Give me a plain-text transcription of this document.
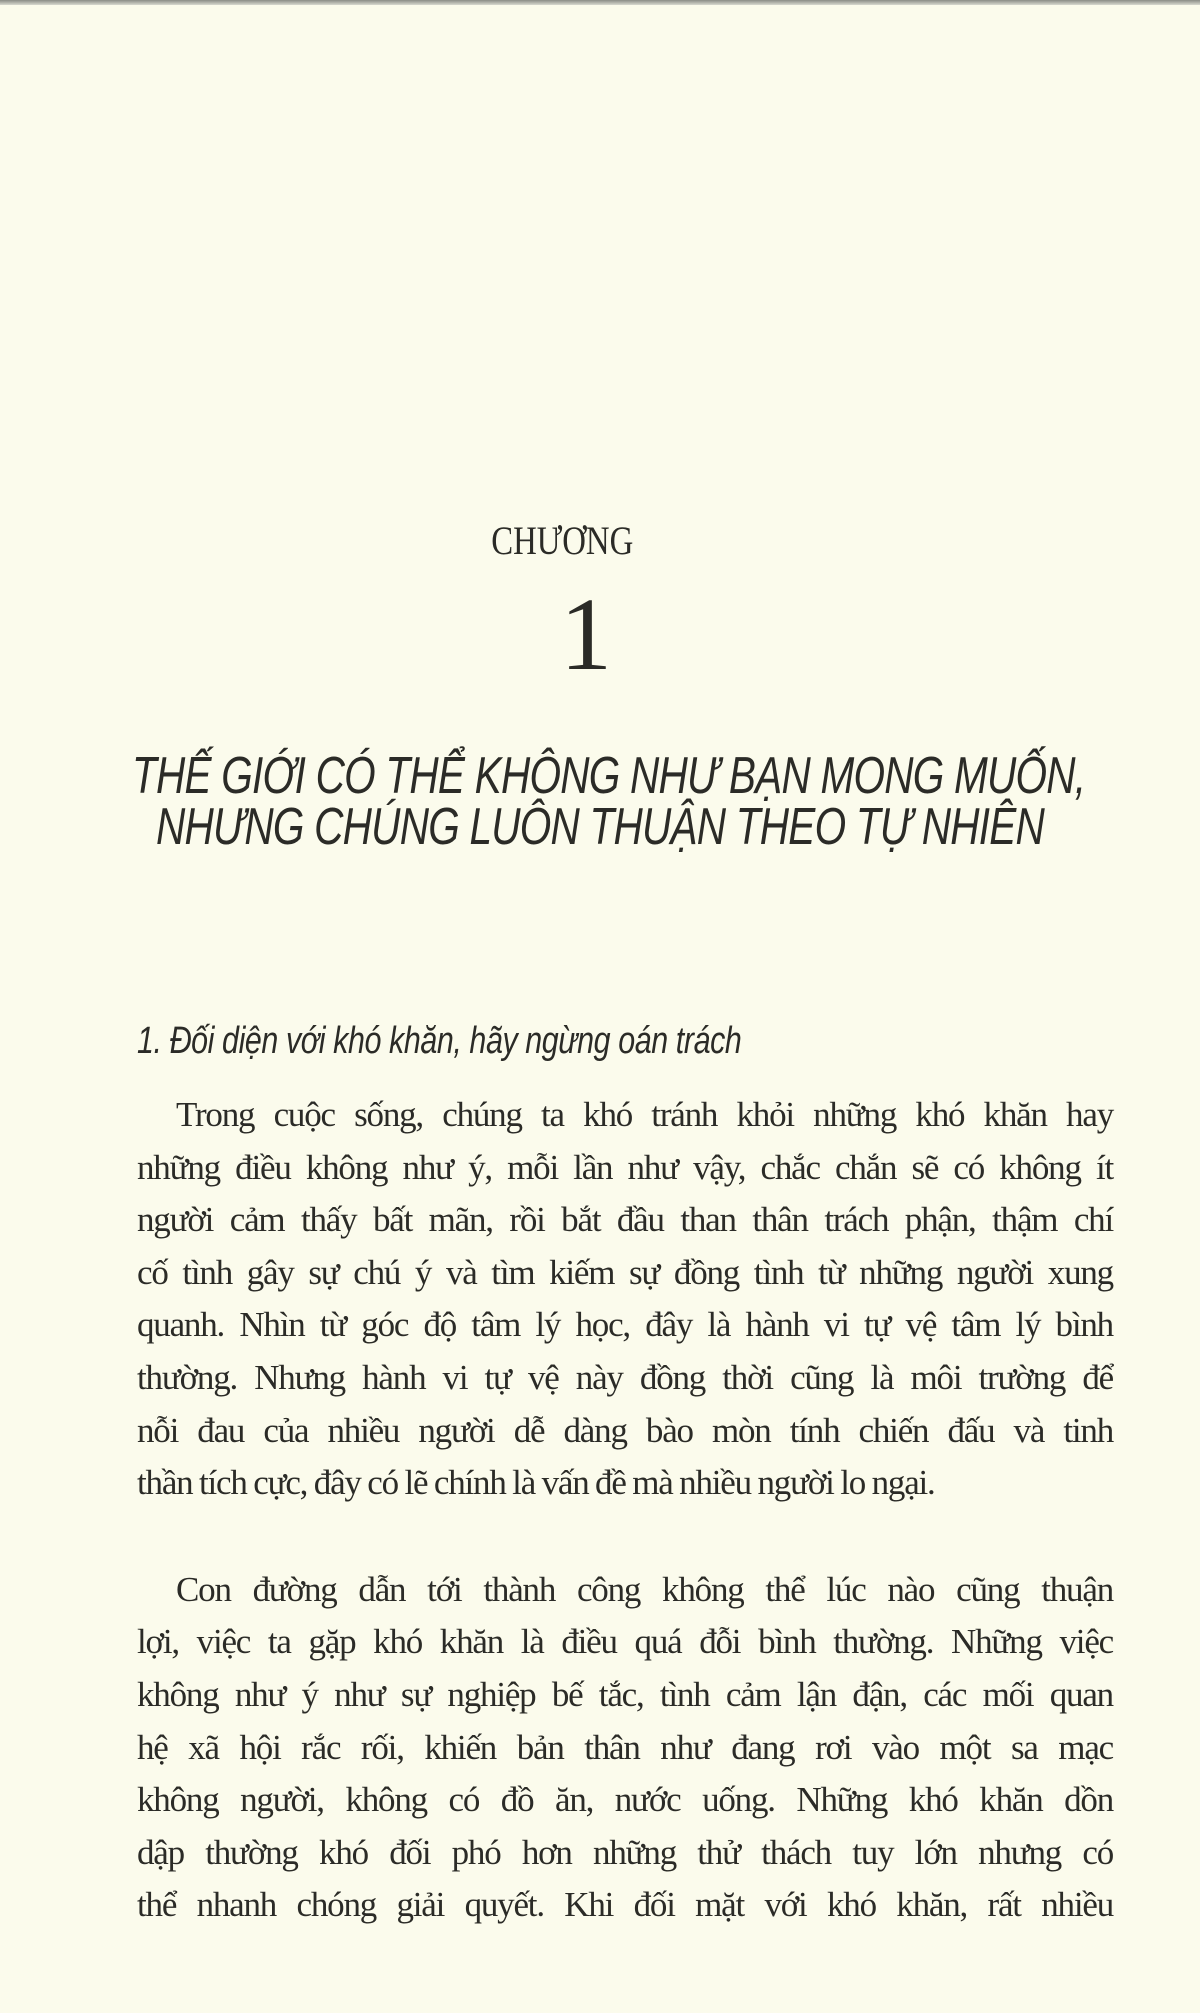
CHƯƠNG
1
THẾ GIỚI CÓ THỂ KHÔNG NHƯ BẠN MONG MUỐN,
NHƯNG CHÚNG LUÔN THUẬN THEO TỰ NHIÊN
1. Đối diện với khó khăn, hãy ngừng oán trách
Trong cuộc sống, chúng ta khó tránh khỏi những khó khăn hay
những điều không như ý, mỗi lần như vậy, chắc chắn sẽ có không ít
người cảm thấy bất mãn, rồi bắt đầu than thân trách phận, thậm chí
cố tình gây sự chú ý và tìm kiếm sự đồng tình từ những người xung
quanh. Nhìn từ góc độ tâm lý học, đây là hành vi tự vệ tâm lý bình
thường. Nhưng hành vi tự vệ này đồng thời cũng là môi trường để
nỗi đau của nhiều người dễ dàng bào mòn tính chiến đấu và tinh
thần tích cực, đây có lẽ chính là vấn đề mà nhiều người lo ngại.
Con đường dẫn tới thành công không thể lúc nào cũng thuận
lợi, việc ta gặp khó khăn là điều quá đỗi bình thường. Những việc
không như ý như sự nghiệp bế tắc, tình cảm lận đận, các mối quan
hệ xã hội rắc rối, khiến bản thân như đang rơi vào một sa mạc
không người, không có đồ ăn, nước uống. Những khó khăn dồn
dập thường khó đối phó hơn những thử thách tuy lớn nhưng có
thể nhanh chóng giải quyết. Khi đối mặt với khó khăn, rất nhiều
